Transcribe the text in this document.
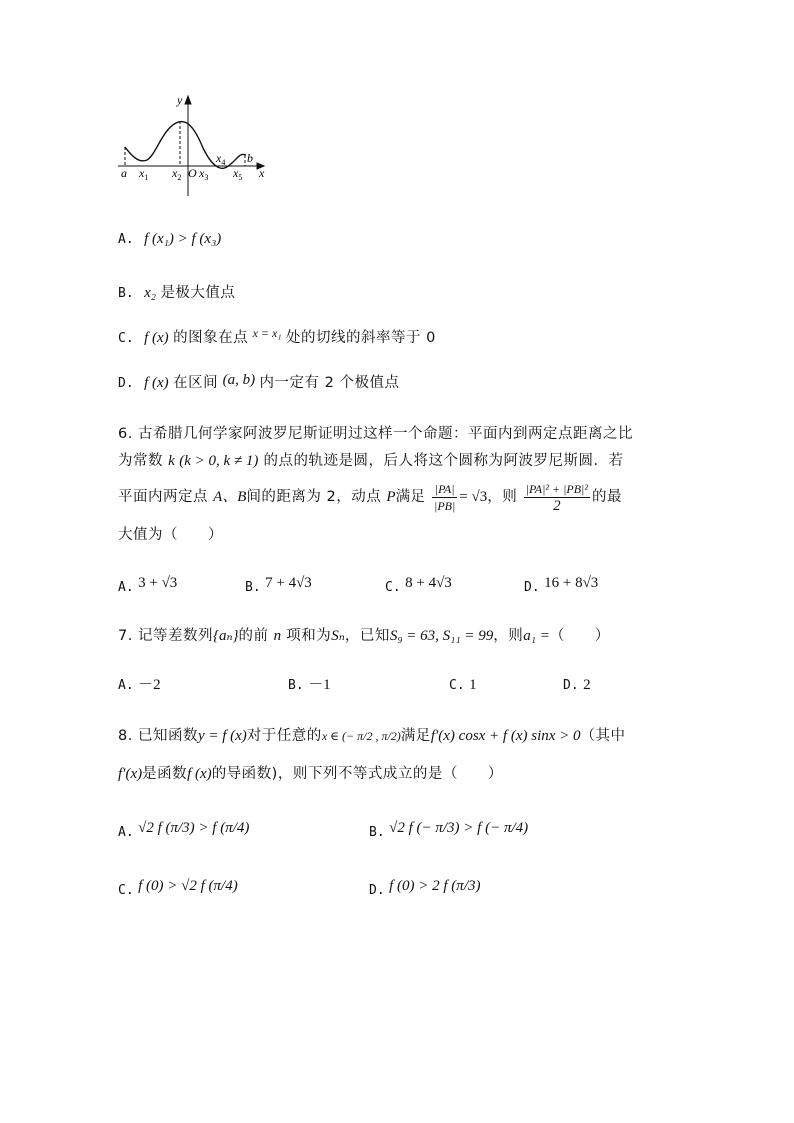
y
x
a $x_1$ $x_2$ O $x_3$
$x_4$ b
$x_5$
A. f (x₁) > f (x₃)
B. x₂ 是极大值点
C. f (x) 的图象在点 x = x₁ 处的切线的斜率等于 0
D. f (x) 在区间 (a, b) 内一定有 2 个极值点
6. 古希腊几何学家阿波罗尼斯证明过这样一个命题：平面内到两定点距离之比
为常数 k (k > 0, k ≠ 1) 的点的轨迹是圆，后人将这个圆称为阿波罗尼斯圆．若
平面内两定点 A、B间的距离为 2，动点 P满足 $\frac{|PA|}{|PB|} = √3$，则 $\frac{\text{|PA|² + |PB|²}}{2}$ 的最
大值为（　　）
A. 3 + √3	B. 7 + 4√3	C. 8 + 4√3	D. 16 + 8√3
7. 记等差数列{aₙ}的前 n 项和为Sₙ，已知S₉ = 63, S₁₁ = 99，则a₁ =（　　）
A. －2	B. －1	C. 1	D. 2
8. 已知函数y = f (x)对于任意的x ∈ (− π/2 , π/2)满足f′(x) cosx + f (x) sinx > 0（其中
f′(x)是函数f (x)的导函数)，则下列不等式成立的是（　　）
A. √2 f (π/3) > f (π/4)	B. √2 f (− π/3) > f (− π/4)
C. f (0) > √2 f (π/4)	D. f (0) > 2 f (π/3)
